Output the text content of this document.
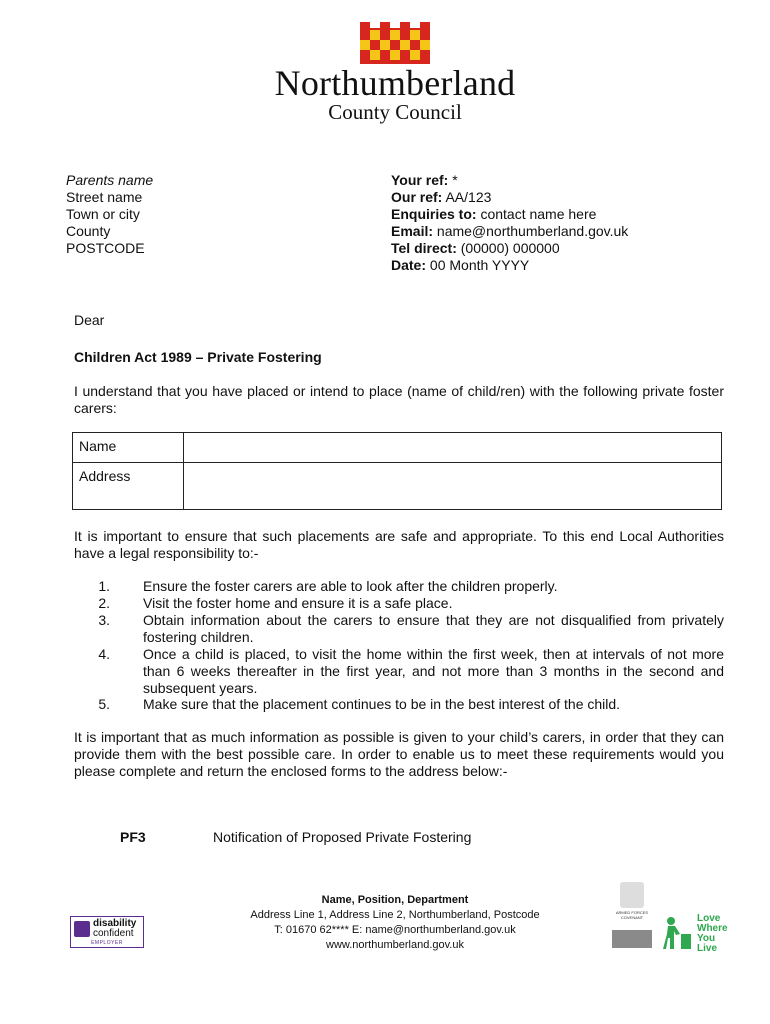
Northumberland
County Council
Parents name
Street name
Town or city
County
POSTCODE
Your ref: *
Our ref: AA/123
Enquiries to: contact name here
Email: name@northumberland.gov.uk
Tel direct: (00000) 000000
Date: 00 Month YYYY
Dear
Children Act 1989 – Private Fostering
I understand that you have placed or intend to place (name of child/ren) with the following private foster carers:
Name	
Address	
It is important to ensure that such placements are safe and appropriate. To this end Local Authorities have a legal responsibility to:-
1. Ensure the foster carers are able to look after the children properly.
2. Visit the foster home and ensure it is a safe place.
3. Obtain information about the carers to ensure that they are not disqualified from privately fostering children.
4. Once a child is placed, to visit the home within the first week, then at intervals of not more than 6 weeks thereafter in the first year, and not more than 3 months in the second and subsequent years.
5. Make sure that the placement continues to be in the best interest of the child.
It is important that as much information as possible is given to your child’s carers, in order that they can provide them with the best possible care. In order to enable us to meet these requirements would you please complete and return the enclosed forms to the address below:-
PF3	Notification of Proposed Private Fostering
Name, Position, Department
Address Line 1, Address Line 2, Northumberland, Postcode
T: 01670 62**** E: name@northumberland.gov.uk
www.northumberland.gov.uk
disability
confident
EMPLOYER
ARMED FORCES COVENANT	Love
Where
You
Live
